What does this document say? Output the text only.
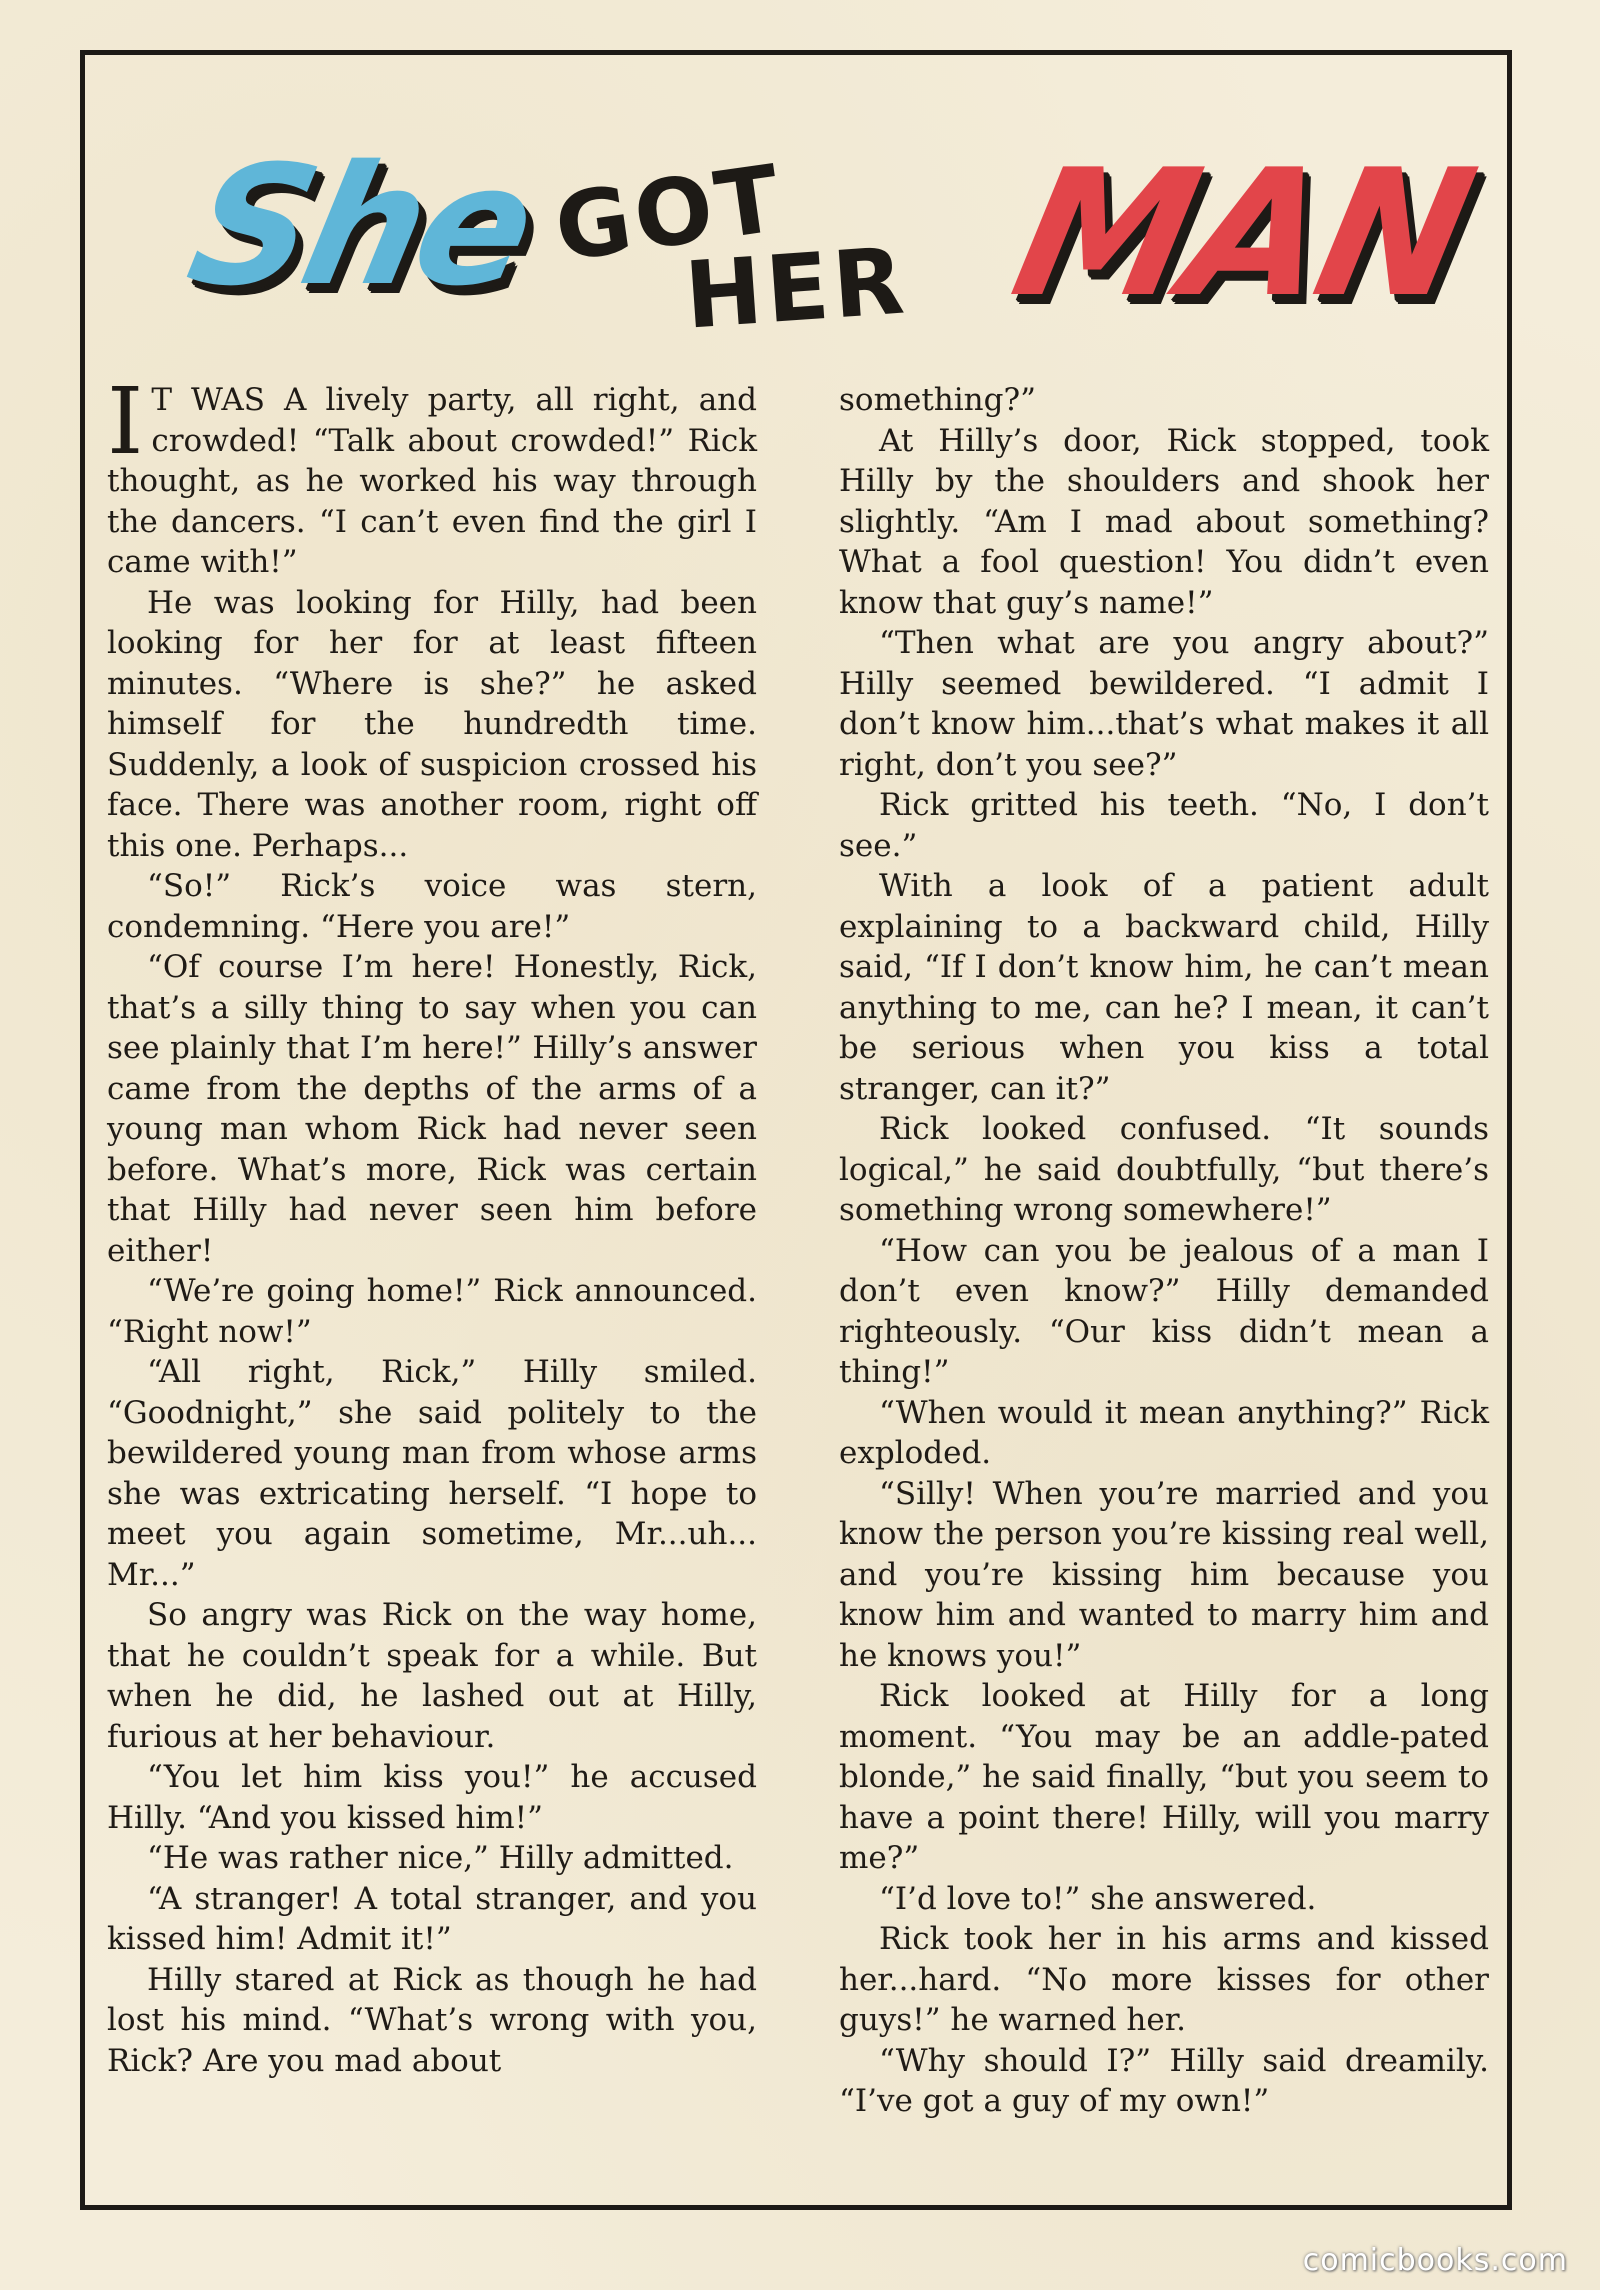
She GOT
HER MAN

I T WAS A lively party, all right, and crowded! “Talk about crowded!” Rick thought, as he worked his way through the dancers. “I can’t even find the girl I came with!”

He was looking for Hilly, had been looking for her for at least fifteen minutes. “Where is she?” he asked himself for the hundredth time. Suddenly, a look of suspicion crossed his face. There was another room, right off this one. Perhaps...

“So!” Rick’s voice was stern, condemning. “Here you are!”

“Of course I’m here! Honestly, Rick, that’s a silly thing to say when you can see plainly that I’m here!” Hilly’s answer came from the depths of the arms of a young man whom Rick had never seen before. What’s more, Rick was certain that Hilly had never seen him before either!

“We’re going home!” Rick announced. “Right now!”

“All right, Rick,” Hilly smiled. “Goodnight,” she said politely to the bewildered young man from whose arms she was extricating herself. “I hope to meet you again sometime, Mr...uh... Mr...”

So angry was Rick on the way home, that he couldn’t speak for a while. But when he did, he lashed out at Hilly, furious at her behaviour.

“You let him kiss you!” he accused Hilly. “And you kissed him!”

“He was rather nice,” Hilly admitted.

“A stranger! A total stranger, and you kissed him! Admit it!”

Hilly stared at Rick as though he had lost his mind. “What’s wrong with you, Rick? Are you mad about

something?”

At Hilly’s door, Rick stopped, took Hilly by the shoulders and shook her slightly. “Am I mad about something? What a fool question! You didn’t even know that guy’s name!”

“Then what are you angry about?” Hilly seemed bewildered. “I admit I don’t know him...that’s what makes it all right, don’t you see?”

Rick gritted his teeth. “No, I don’t see.”

With a look of a patient adult explaining to a backward child, Hilly said, “If I don’t know him, he can’t mean anything to me, can he? I mean, it can’t be serious when you kiss a total stranger, can it?”

Rick looked confused. “It sounds logical,” he said doubtfully, “but there’s something wrong somewhere!”

“How can you be jealous of a man I don’t even know?” Hilly demanded righteously. “Our kiss didn’t mean a thing!”

“When would it mean anything?” Rick exploded.

“Silly! When you’re married and you know the person you’re kissing real well, and you’re kissing him because you know him and wanted to marry him and he knows you!”

Rick looked at Hilly for a long moment. “You may be an addle-pated blonde,” he said finally, “but you seem to have a point there! Hilly, will you marry me?”

“I’d love to!” she answered.

Rick took her in his arms and kissed her...hard. “No more kisses for other guys!” he warned her.

“Why should I?” Hilly said dreamily. “I’ve got a guy of my own!”

comicbooks.com
